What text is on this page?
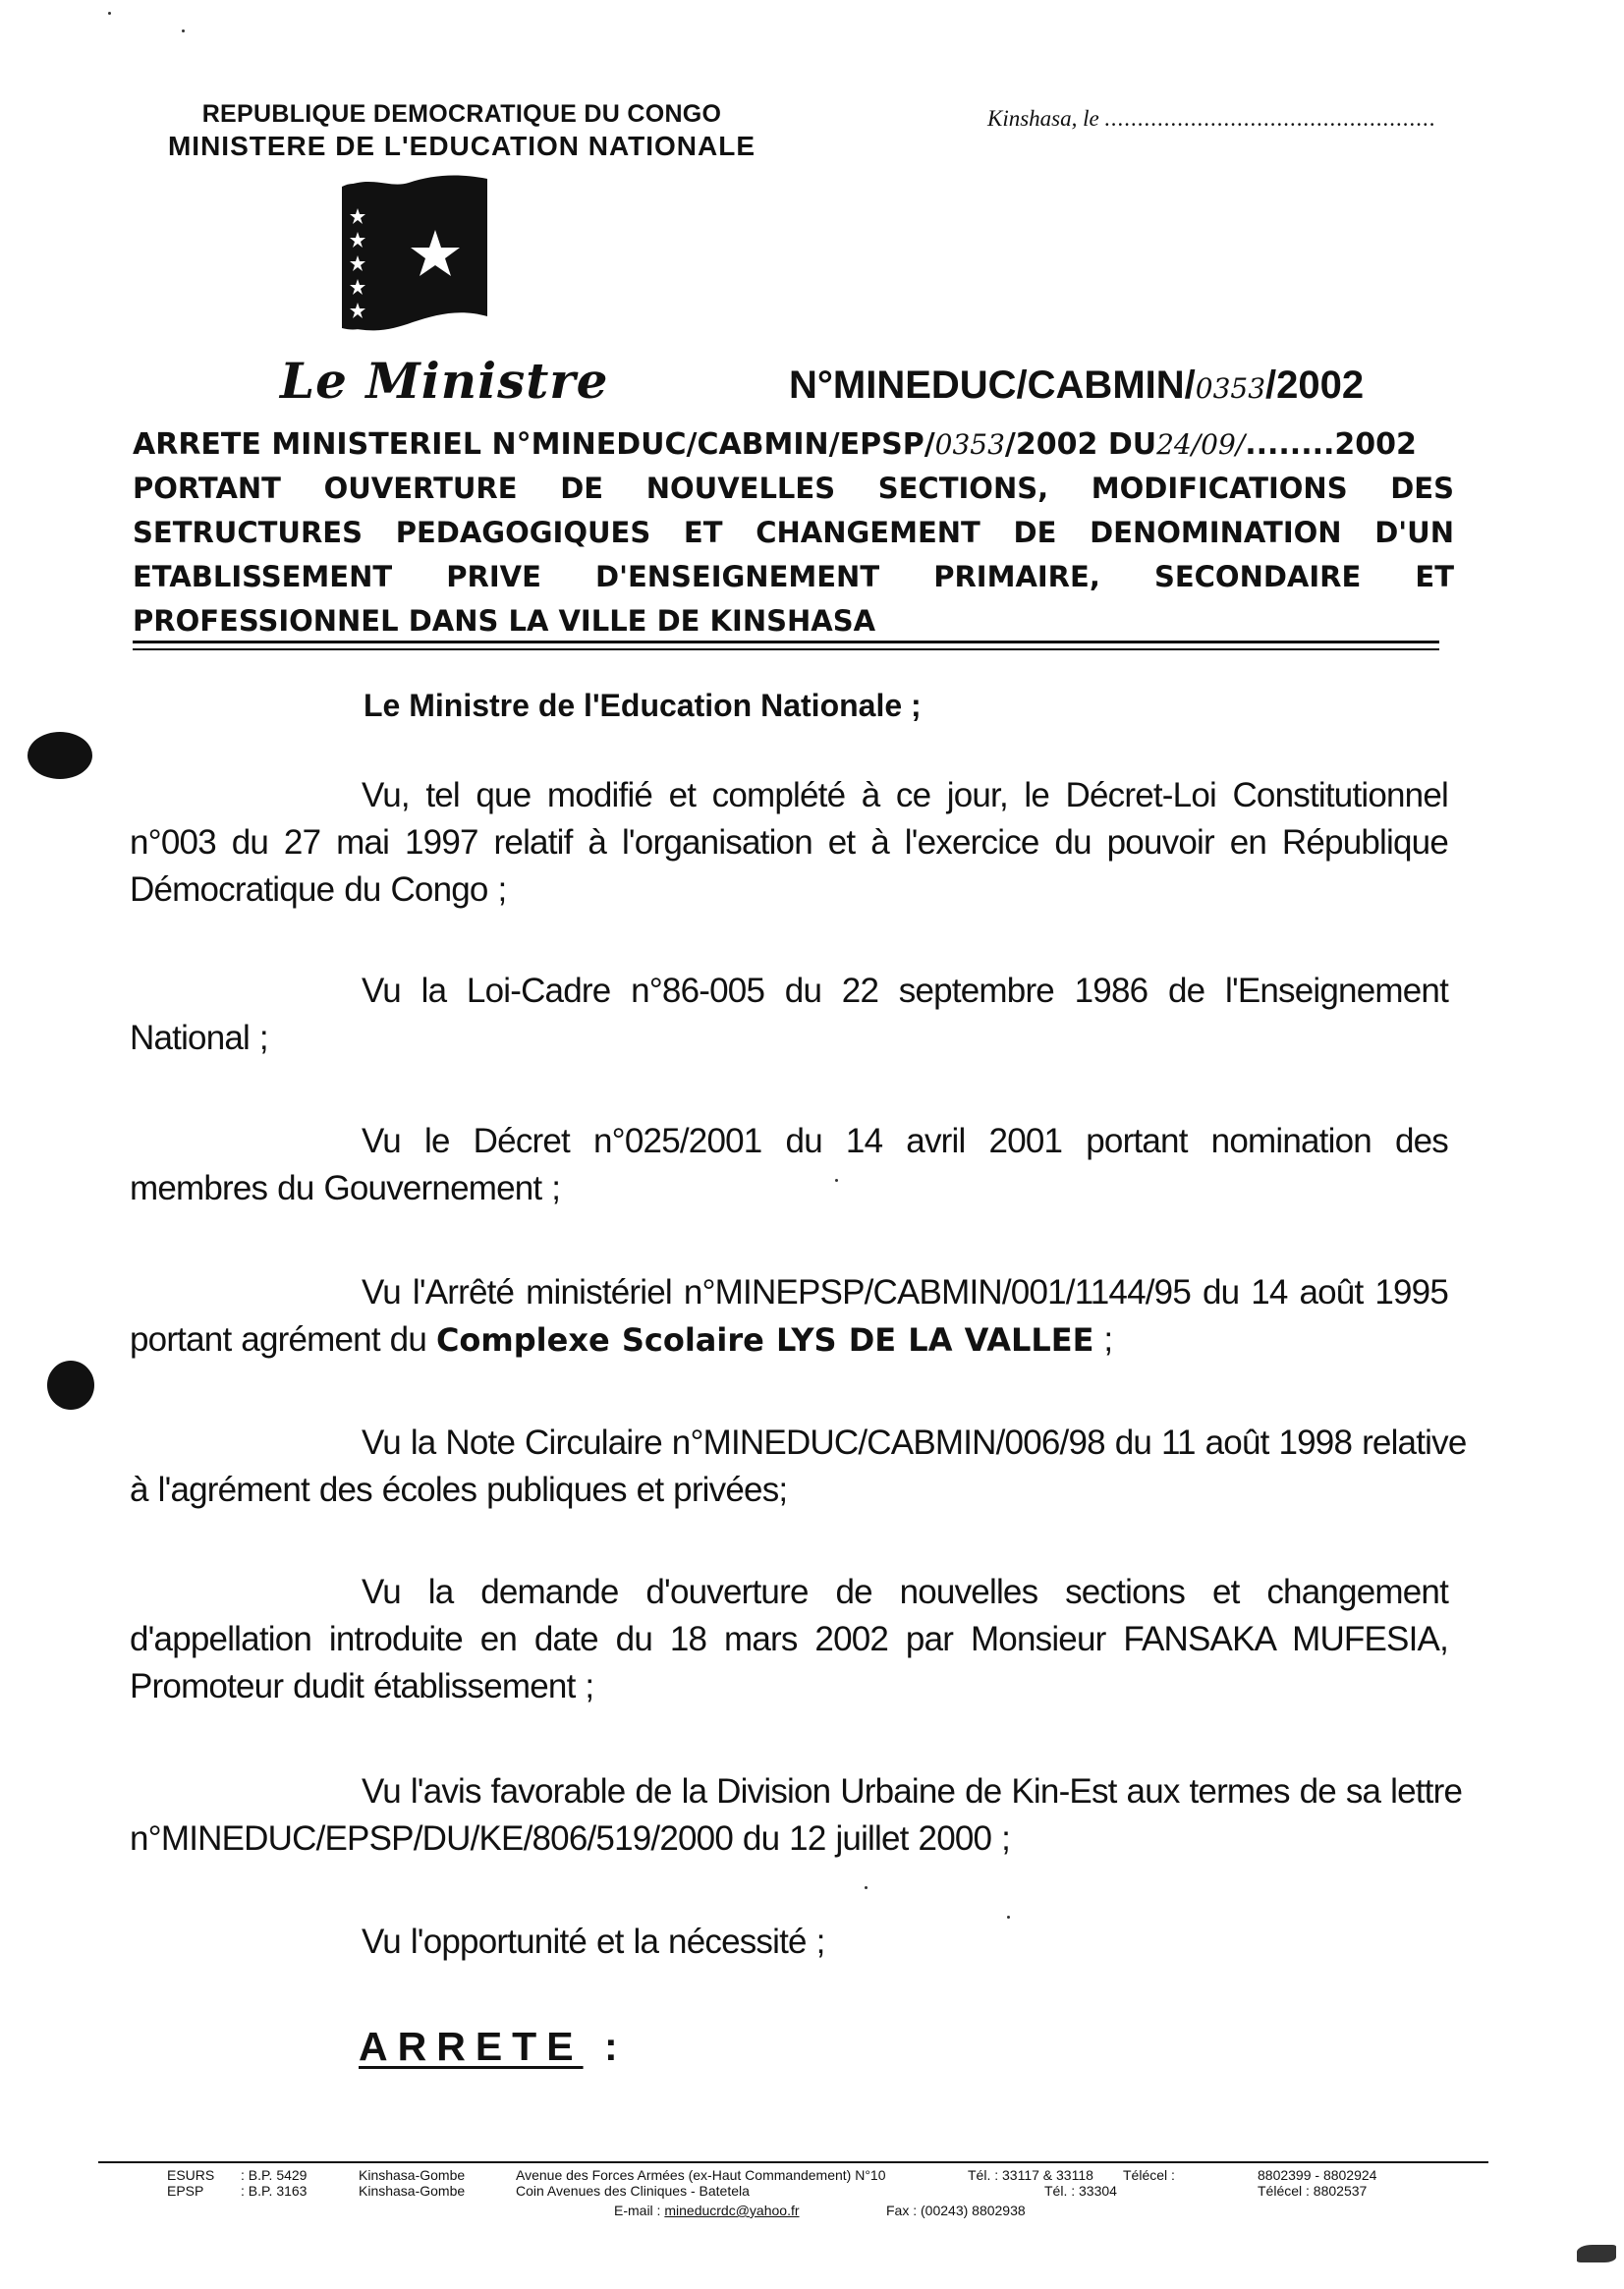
REPUBLIQUE DEMOCRATIQUE DU CONGO
MINISTERE DE L'EDUCATION NATIONALE
Kinshasa, le ..................................................
Le Ministre	N°MINEDUC/CABMIN/0353/2002
ARRETE MINISTERIEL N°MINEDUC/CABMIN/EPSP/0353/2002 DU24/09/........2002
PORTANT OUVERTURE DE NOUVELLES SECTIONS, MODIFICATIONS DES
SETRUCTURES PEDAGOGIQUES ET CHANGEMENT DE DENOMINATION D'UN
ETABLISSEMENT PRIVE D'ENSEIGNEMENT PRIMAIRE, SECONDAIRE ET
PROFESSIONNEL DANS LA VILLE DE KINSHASA
Le Ministre de l'Education Nationale ;
Vu, tel que modifié et complété à ce jour, le Décret-Loi Constitutionnel
n°003 du 27 mai 1997 relatif à l'organisation et à l'exercice du pouvoir en République
Démocratique du Congo ;
Vu la Loi-Cadre n°86-005 du 22 septembre 1986 de l'Enseignement
National ;
Vu le Décret n°025/2001 du 14 avril 2001 portant nomination des
membres du Gouvernement ;
Vu l'Arrêté ministériel n°MINEPSP/CABMIN/001/1144/95 du 14 août 1995
portant agrément du Complexe Scolaire LYS DE LA VALLEE ;
Vu la Note Circulaire n°MINEDUC/CABMIN/006/98 du 11 août 1998 relative
à l'agrément des écoles publiques et privées;
Vu la demande d'ouverture de nouvelles sections et changement
d'appellation introduite en date du 18 mars 2002 par Monsieur FANSAKA MUFESIA,
Promoteur dudit établissement ;
Vu l'avis favorable de la Division Urbaine de Kin-Est aux termes de sa lettre
n°MINEDUC/EPSP/DU/KE/806/519/2000 du 12 juillet 2000 ;
Vu l'opportunité et la nécessité ;
ARRETE :
ESURS
EPSP
: B.P. 5429
: B.P. 3163
Kinshasa-Gombe
Kinshasa-Gombe
Avenue des Forces Armées (ex-Haut Commandement) N°10
Coin Avenues des Cliniques - Batetela
E-mail : mineducrdc@yahoo.fr
Tél. : 33117 & 33118
Tél. : 33304
Fax : (00243) 8802938
Télécel :	8802399 - 8802924
Télécel : 8802537
